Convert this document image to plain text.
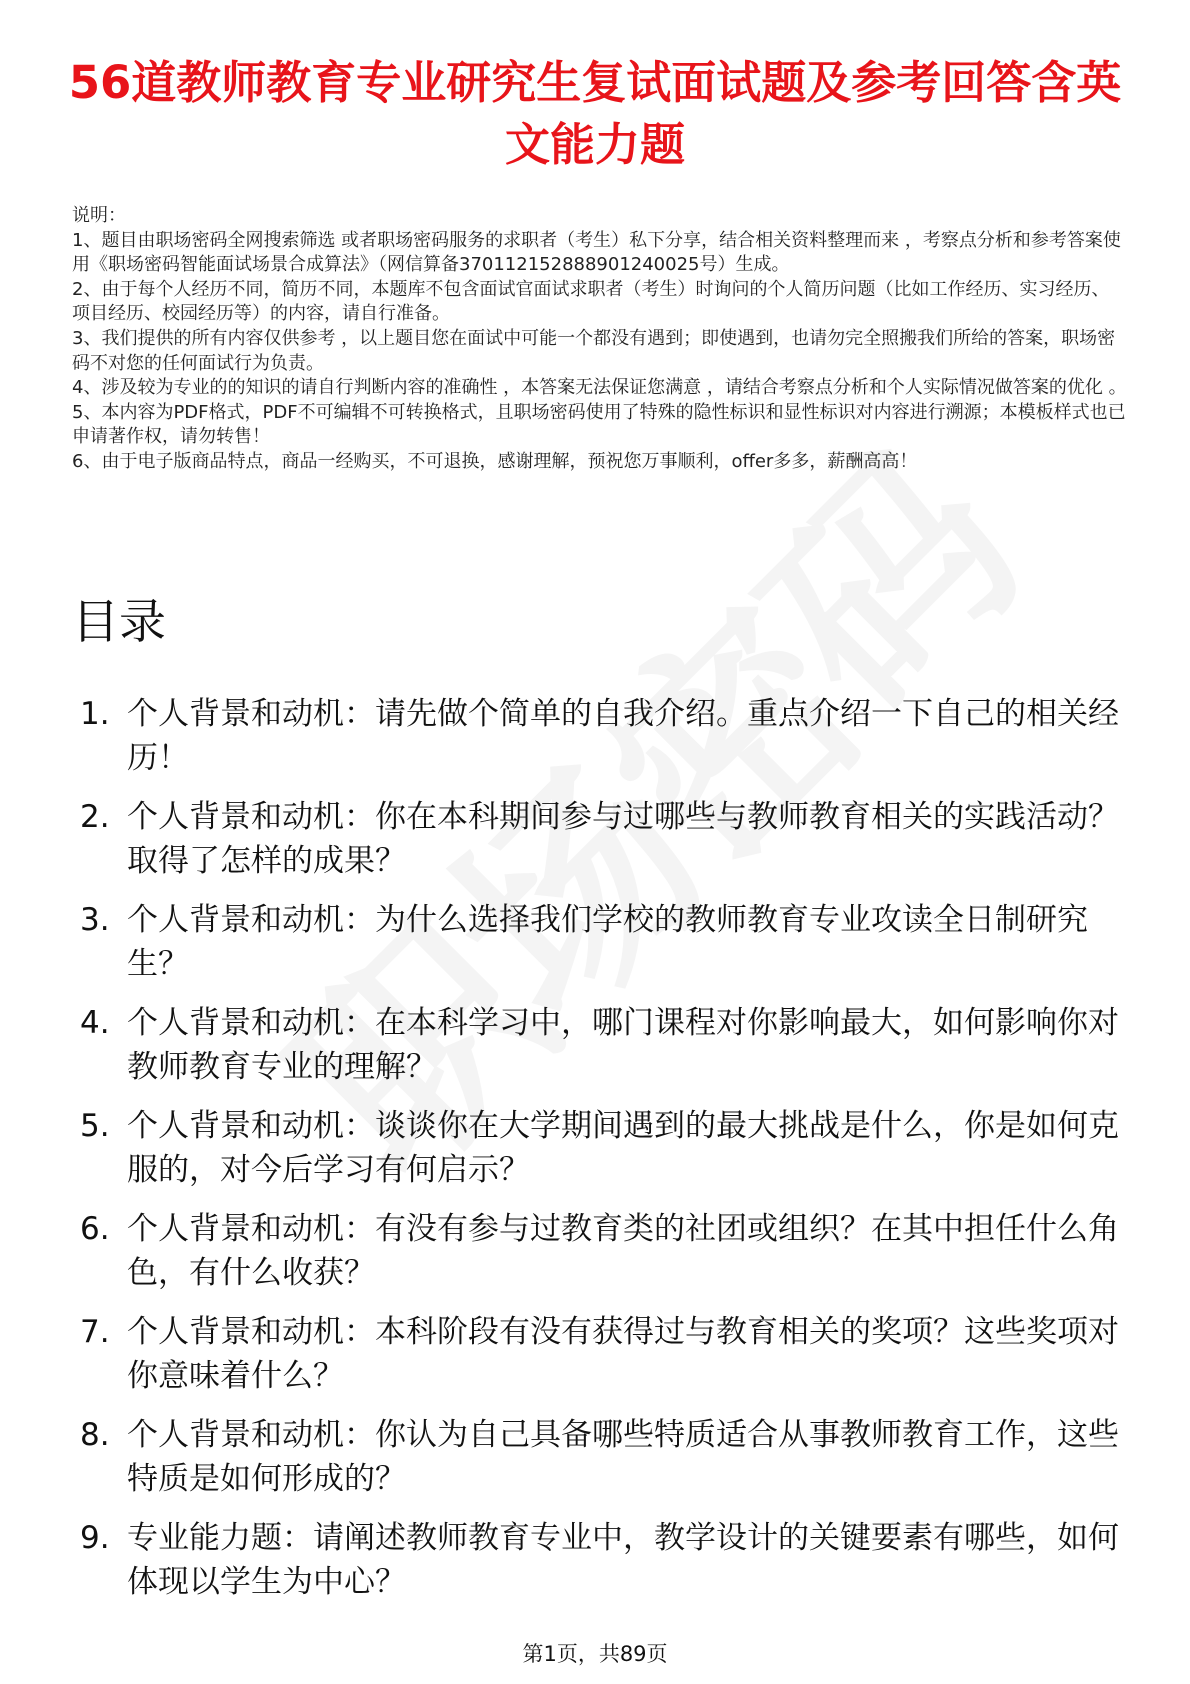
56道教师教育专业研究生复试面试题及参考回答含英文能力题

说明：

1、题目由职场密码全网搜索筛选 或者职场密码服务的求职者（考生）私下分享，结合相关资料整理而来 ，考察点分析和参考答案使用《职场密码智能面试场景合成算法》（网信算备370112152888901240025号）生成。

2、由于每个人经历不同，简历不同，本题库不包含面试官面试求职者（考生）时询问的个人简历问题（比如工作经历、实习经历、项目经历、校园经历等）的内容，请自行准备。

3、我们提供的所有内容仅供参考 ，以上题目您在面试中可能一个都没有遇到；即使遇到，也请勿完全照搬我们所给的答案，职场密码不对您的任何面试行为负责。

4、涉及较为专业的的知识的请自行判断内容的准确性 ，本答案无法保证您满意 ，请结合考察点分析和个人实际情况做答案的优化 。

5、本内容为PDF格式，PDF不可编辑不可转换格式，且职场密码使用了特殊的隐性标识和显性标识对内容进行溯源；本模板样式也已申请著作权，请勿转售！

6、由于电子版商品特点，商品一经购买，不可退换，感谢理解，预祝您万事顺利，offer多多，薪酬高高！

目录
1. 个人背景和动机：请先做个简单的自我介绍。重点介绍一下自己的相关经历！
2. 个人背景和动机：你在本科期间参与过哪些与教师教育相关的实践活动？取得了怎样的成果？
3. 个人背景和动机：为什么选择我们学校的教师教育专业攻读全日制研究生？
4. 个人背景和动机：在本科学习中，哪门课程对你影响最大，如何影响你对教师教育专业的理解？
5. 个人背景和动机：谈谈你在大学期间遇到的最大挑战是什么，你是如何克服的，对今后学习有何启示？
6. 个人背景和动机：有没有参与过教育类的社团或组织？在其中担任什么角色，有什么收获？
7. 个人背景和动机：本科阶段有没有获得过与教育相关的奖项？这些奖项对你意味着什么？
8. 个人背景和动机：你认为自己具备哪些特质适合从事教师教育工作，这些特质是如何形成的？
9. 专业能力题：请阐述教师教育专业中，教学设计的关键要素有哪些，如何体现以学生为中心？
第1页，共89页
